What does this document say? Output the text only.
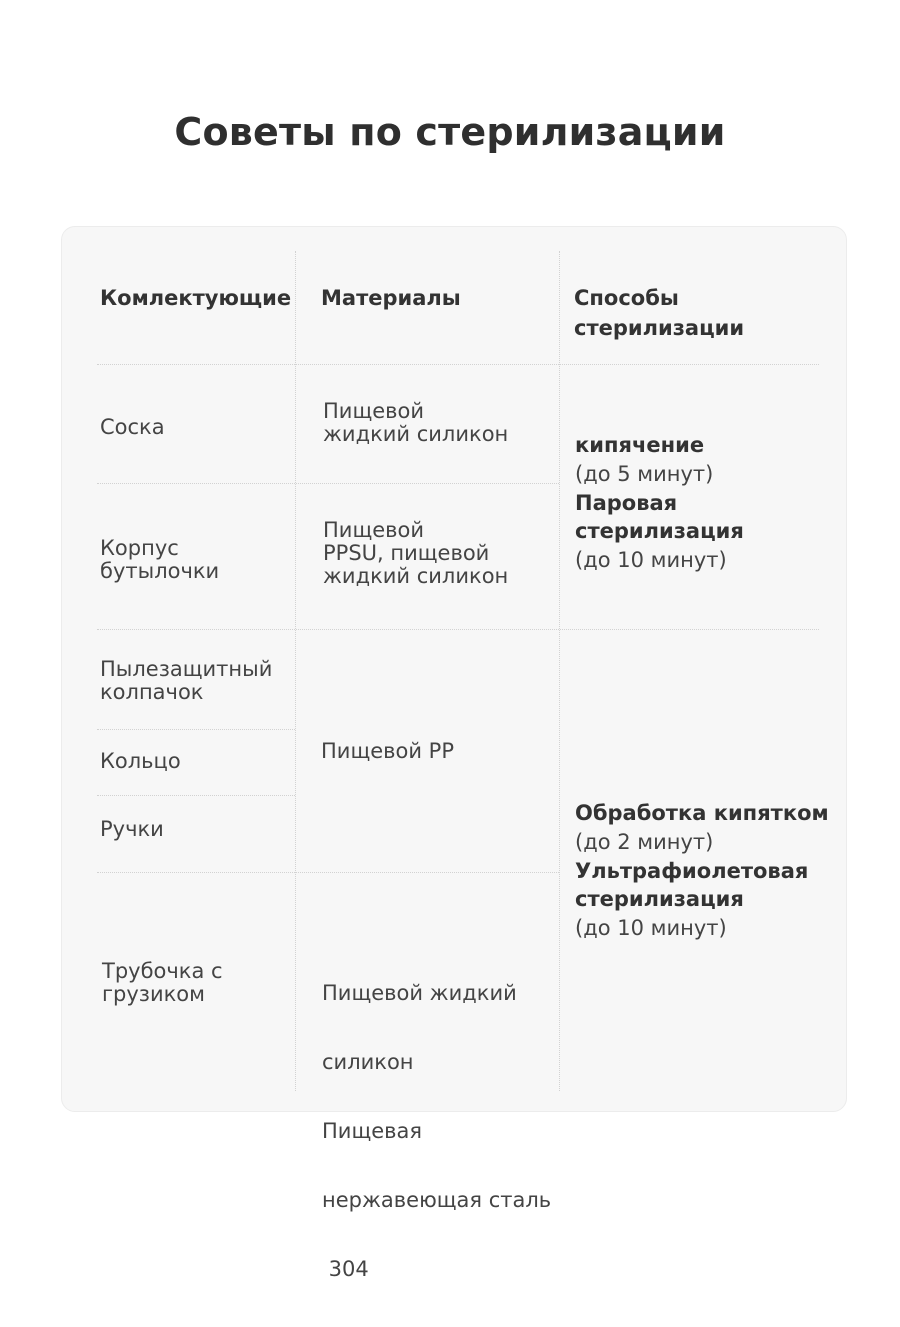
Советы по стерилизации
Комлектующие Материалы	Способы
стерилизации
Соска
Пищевой
жидкий силикон
Корпус
бутылочки
Пищевой
PPSU, пищевой
жидкий силикон
кипячение
(до 5 минут)
Паровая стерилизация
(до 10 минут)
Пылезащитный
колпачок
Кольцо
Ручки
Пищевой PP
Трубочка с
грузиком

	Пищевой жидкий

силикон

Пищевая

нержавеющая сталь

304

Обработка кипятком
(до 2 минут)
Ультрафиолетовая
стерилизация
(до 10 минут)
